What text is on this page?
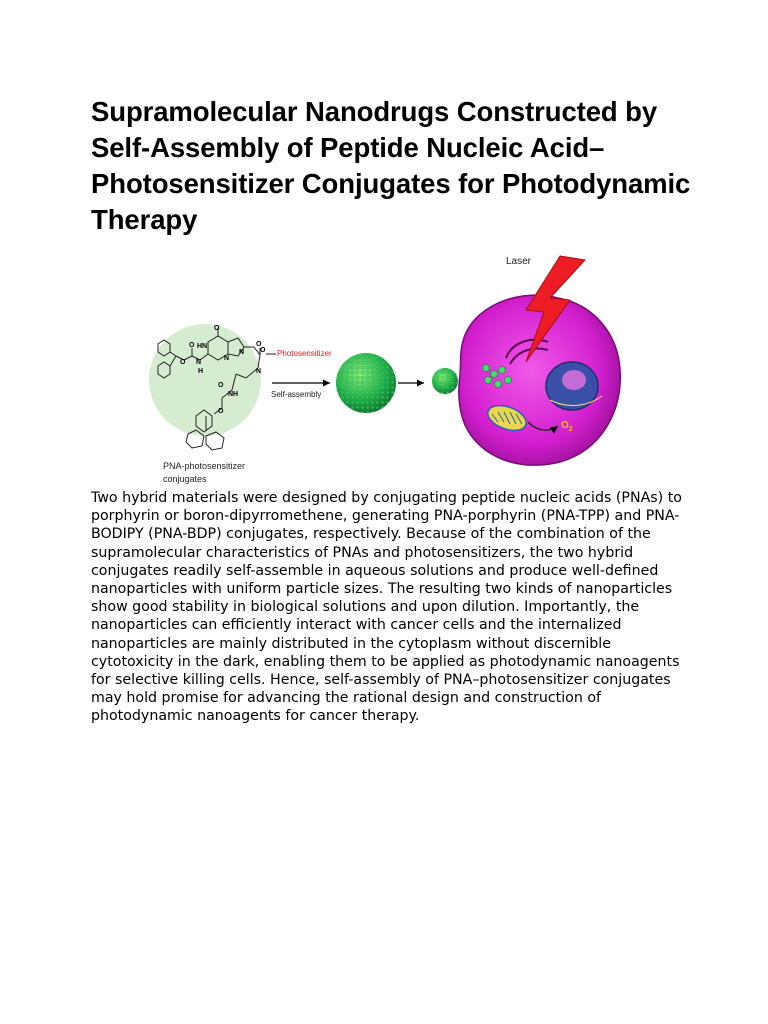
Supramolecular Nanodrugs Constructed by Self-Assembly of Peptide Nucleic Acid–Photosensitizer Conjugates for Photodynamic Therapy
O
HN
N
N
O
N
H
O
O
O
N
O
NH
O
Photosensitizer
PNA-photosensitizer
conjugates
Self-assembly
$O_2$
Laser

Two hybrid materials were designed by conjugating peptide nucleic acids (PNAs) to porphyrin or boron-dipyrromethene, generating PNA-porphyrin (PNA-TPP) and PNA-BODIPY (PNA-BDP) conjugates, respectively. Because of the combination of the supramolecular characteristics of PNAs and photosensitizers, the two hybrid conjugates readily self-assemble in aqueous solutions and produce well-defined nanoparticles with uniform particle sizes. The resulting two kinds of nanoparticles show good stability in biological solutions and upon dilution. Importantly, the nanoparticles can efficiently interact with cancer cells and the internalized nanoparticles are mainly distributed in the cytoplasm without discernible cytotoxicity in the dark, enabling them to be applied as photodynamic nanoagents for selective killing cells. Hence, self-assembly of PNA–photosensitizer conjugates may hold promise for advancing the rational design and construction of photodynamic nanoagents for cancer therapy.
